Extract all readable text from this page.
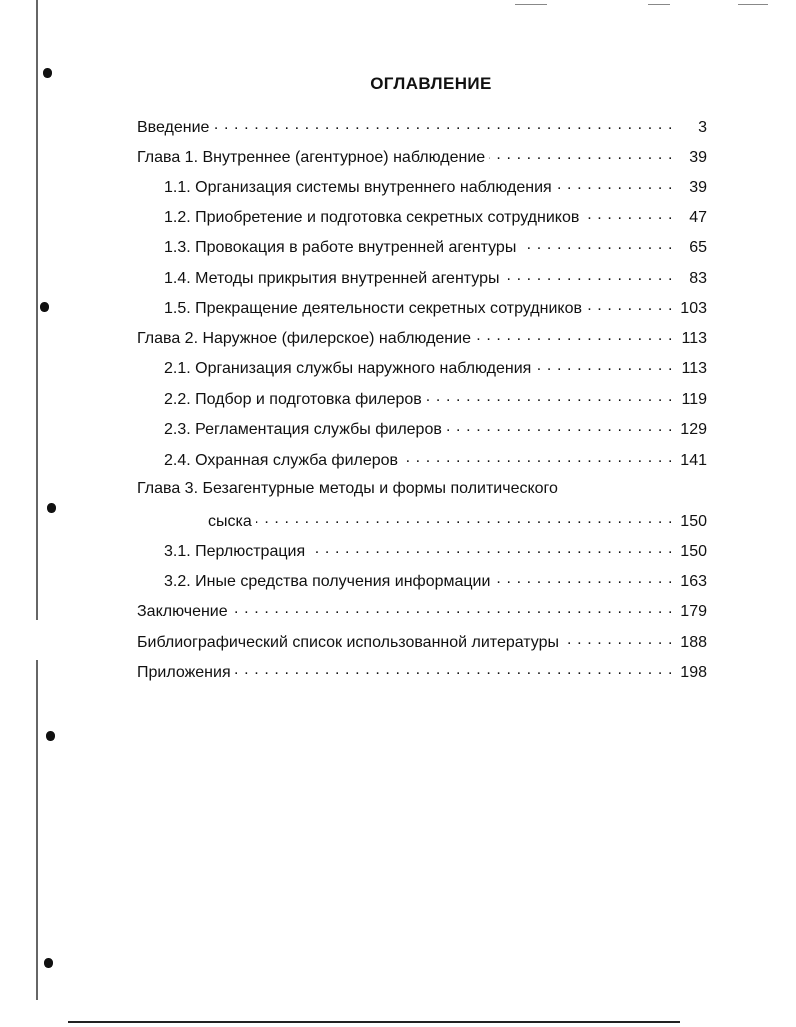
ОГЛАВЛЕНИЕ
Введение . . .	3
Глава 1. Внутреннее (агентурное) наблюдение . . .	39
1.1. Организация системы внутреннего наблюдения . . .	39
1.2. Приобретение и подготовка секретных сотрудников . . .	47
1.3. Провокация в работе внутренней агентуры . . .	65
1.4. Методы прикрытия внутренней агентуры . . .	83
1.5. Прекращение деятельности секретных сотрудников . . .	103
Глава 2. Наружное (филерское) наблюдение . . .	113
2.1. Организация службы наружного наблюдения . . .	113
2.2. Подбор и подготовка филеров . . .	119
2.3. Регламентация службы филеров . . .	129
2.4. Охранная служба филеров . . .	141
Глава 3. Безагентурные методы и формы политического
сыска . . .	150
3.1. Перлюстрация . . .	150
3.2. Иные средства получения информации . . .	163
Заключение . . .	179
Библиографический список использованной литературы . . .	188
Приложения . . .	198
